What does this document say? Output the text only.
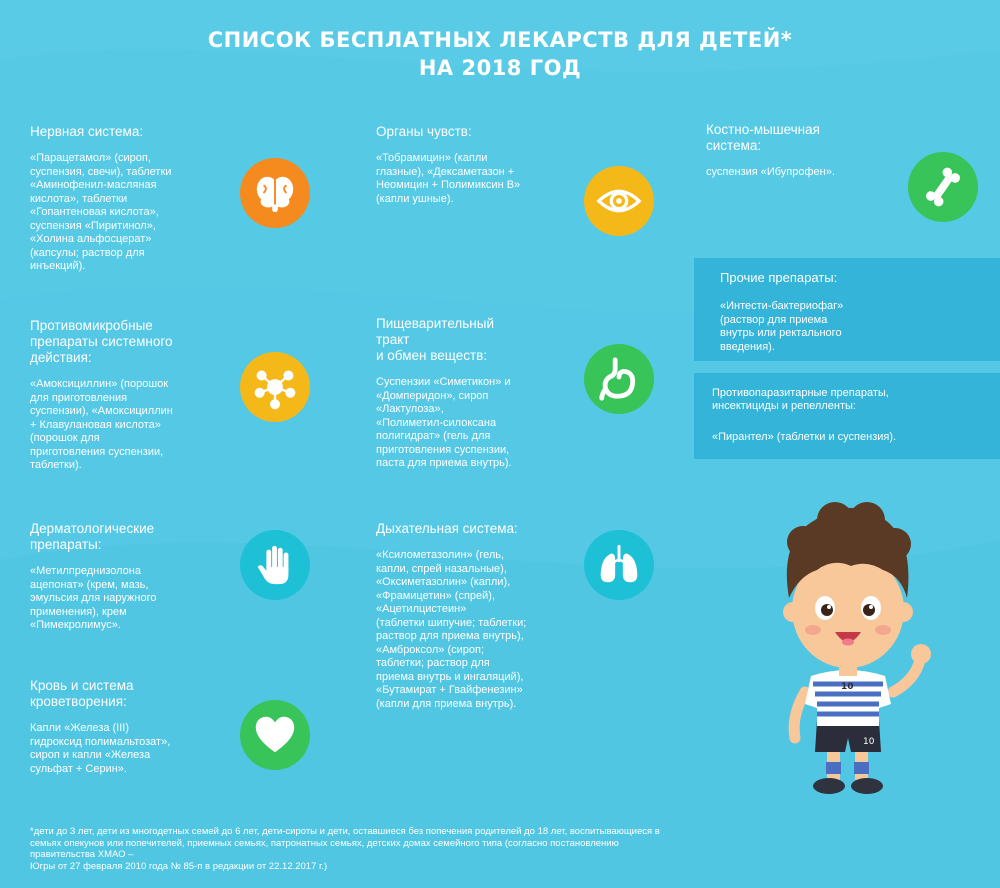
СПИСОК БЕСПЛАТНЫХ ЛЕКАРСТВ ДЛЯ ДЕТЕЙ*
НА 2018 ГОД
Нервная система:
«Парацетамол» (сироп,
суспензия, свечи), таблетки
«Аминофенил-масляная
кислота», таблетки
«Гопантеновая кислота»,
суспензия «Пиритинол»,
«Холина альфосцерат»
(капсулы; раствор для
инъекций).
Противомикробные
препараты системного
действия:
«Амоксициллин» (порошок
для приготовления
суспензии), «Амоксициллин
+ Клавулановая кислота»
(порошок для
приготовления суспензии,
таблетки).
Дерматологические
препараты:
«Метилпреднизолона
ацепонат» (крем, мазь,
эмульсия для наружного
применения), крем
«Пимекролимус».
Кровь и система
кроветворения:
Капли «Железа (III)
гидроксид полимальтозат»,
сироп и капли «Железа
сульфат + Серин».
Органы чувств:
«Тобрамицин» (капли
глазные), «Дексаметазон +
Неомицин + Полимиксин В»
(капли ушные).
Пищеварительный
тракт
и обмен веществ:
Суспензии «Симетикон» и
«Домперидон», сироп
«Лактулоза»,
«Полиметил-силоксана
полигидрат» (гель для
приготовления суспензии,
паста для приема внутрь).
Дыхательная система:
«Ксилометазолин» (гель,
капли, спрей назальные),
«Оксиметазолин» (капли),
«Фрамицетин» (спрей),
«Ацетилцистеин»
(таблетки шипучие; таблетки;
раствор для приема внутрь),
«Амброксол» (сироп;
таблетки; раствор для
приема внутрь и ингаляций),
«Бутамират + Гвайфенезин»
(капли для приема внутрь).
Костно-мышечная
система:
суспензия «Ибупрофен».
Прочие препараты:
«Интести-бактериофаг»
(раствор для приема
внутрь или ректального
введения).
Противопаразитарные препараты,
инсектициды и репелленты:
«Пирантел» (таблетки и суспензия).
10
10
*дети до 3 лет, дети из многодетных семей до 6 лет, дети-сироты и дети, оставшиеся без попечения родителей до 18 лет, воспитывающиеся в
семьях опекунов или попечителей, приемных семьях, патронатных семьях, детских домах семейного типа (согласно постановлению
правительства ХМАО –
Югры от 27 февраля 2010 года № 85-п в редакции от 22.12.2017 г.)
